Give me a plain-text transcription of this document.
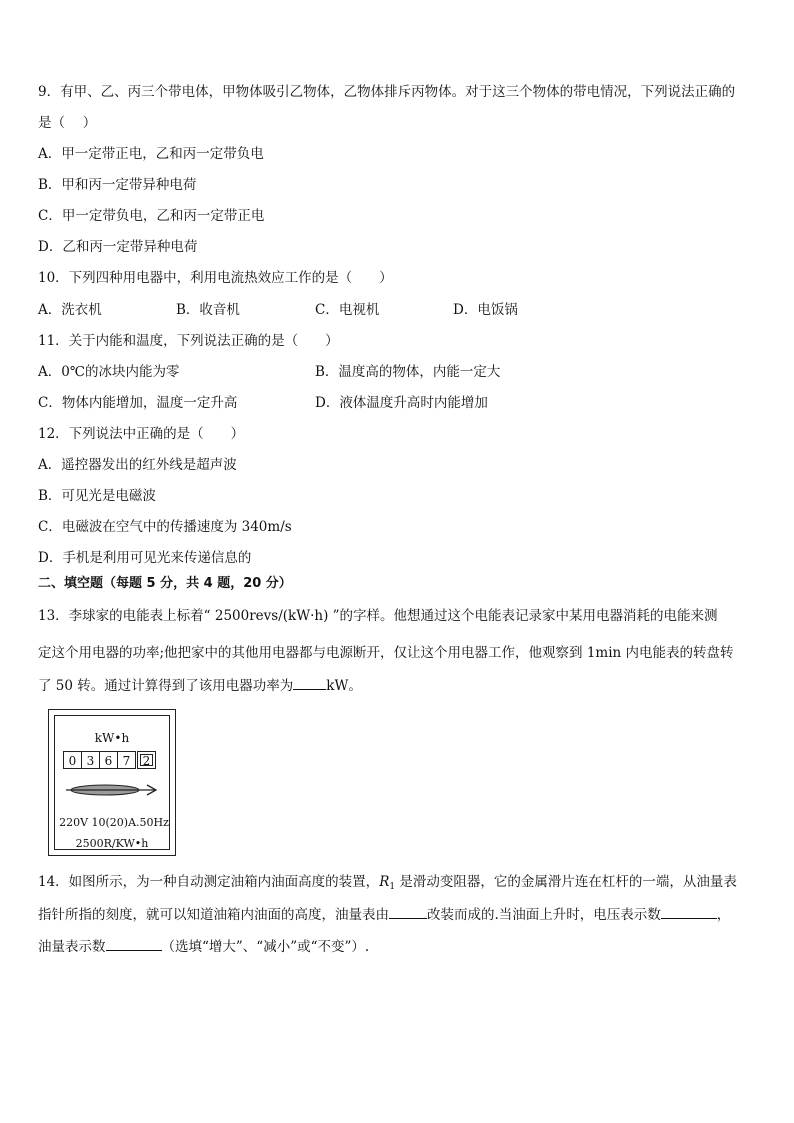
9．有甲、乙、丙三个带电体，甲物体吸引乙物体，乙物体排斥丙物体。对于这三个物体的带电情况，下列说法正确的
是（　 ）
A．甲一定带正电，乙和丙一定带负电
B．甲和丙一定带异种电荷
C．甲一定带负电，乙和丙一定带正电
D．乙和丙一定带异种电荷
10．下列四种用电器中，利用电流热效应工作的是（　　）
A．洗衣机	B．收音机	C．电视机	D．电饭锅
11．关于内能和温度，下列说法正确的是（　　）
A．0℃的冰块内能为零	B．温度高的物体，内能一定大
C．物体内能增加，温度一定升高	D．液体温度升高时内能增加
12．下列说法中正确的是（　　）
A．遥控器发出的红外线是超声波
B．可见光是电磁波
C．电磁波在空气中的传播速度为 340m/s
D．手机是利用可见光来传递信息的
二、填空题（每题 5 分，共 4 题，20 分）
13．李球家的电能表上标着“ 2500revs/(kW·h) ”的字样。他想通过这个电能表记录家中某用电器消耗的电能来测
定这个用电器的功率;他把家中的其他用电器都与电源断开，仅让这个用电器工作，他观察到 1min 内电能表的转盘转
了 50 转。通过计算得到了该用电器功率为 kW。
kW•h
0 3 6 7	2
220V 10(20)A.50Hz
2500R/KW•h
14．如图所示，为一种自动测定油箱内油面高度的装置，$R_1$ 是滑动变阻器，它的金属滑片连在杠杆的一端，从油量表
指针所指的刻度，就可以知道油箱内油面的高度，油量表由	改装而成的.当油面上升时，电压表示数	，
油量表示数	（选填“增大”、“减小”或“不变”）.
